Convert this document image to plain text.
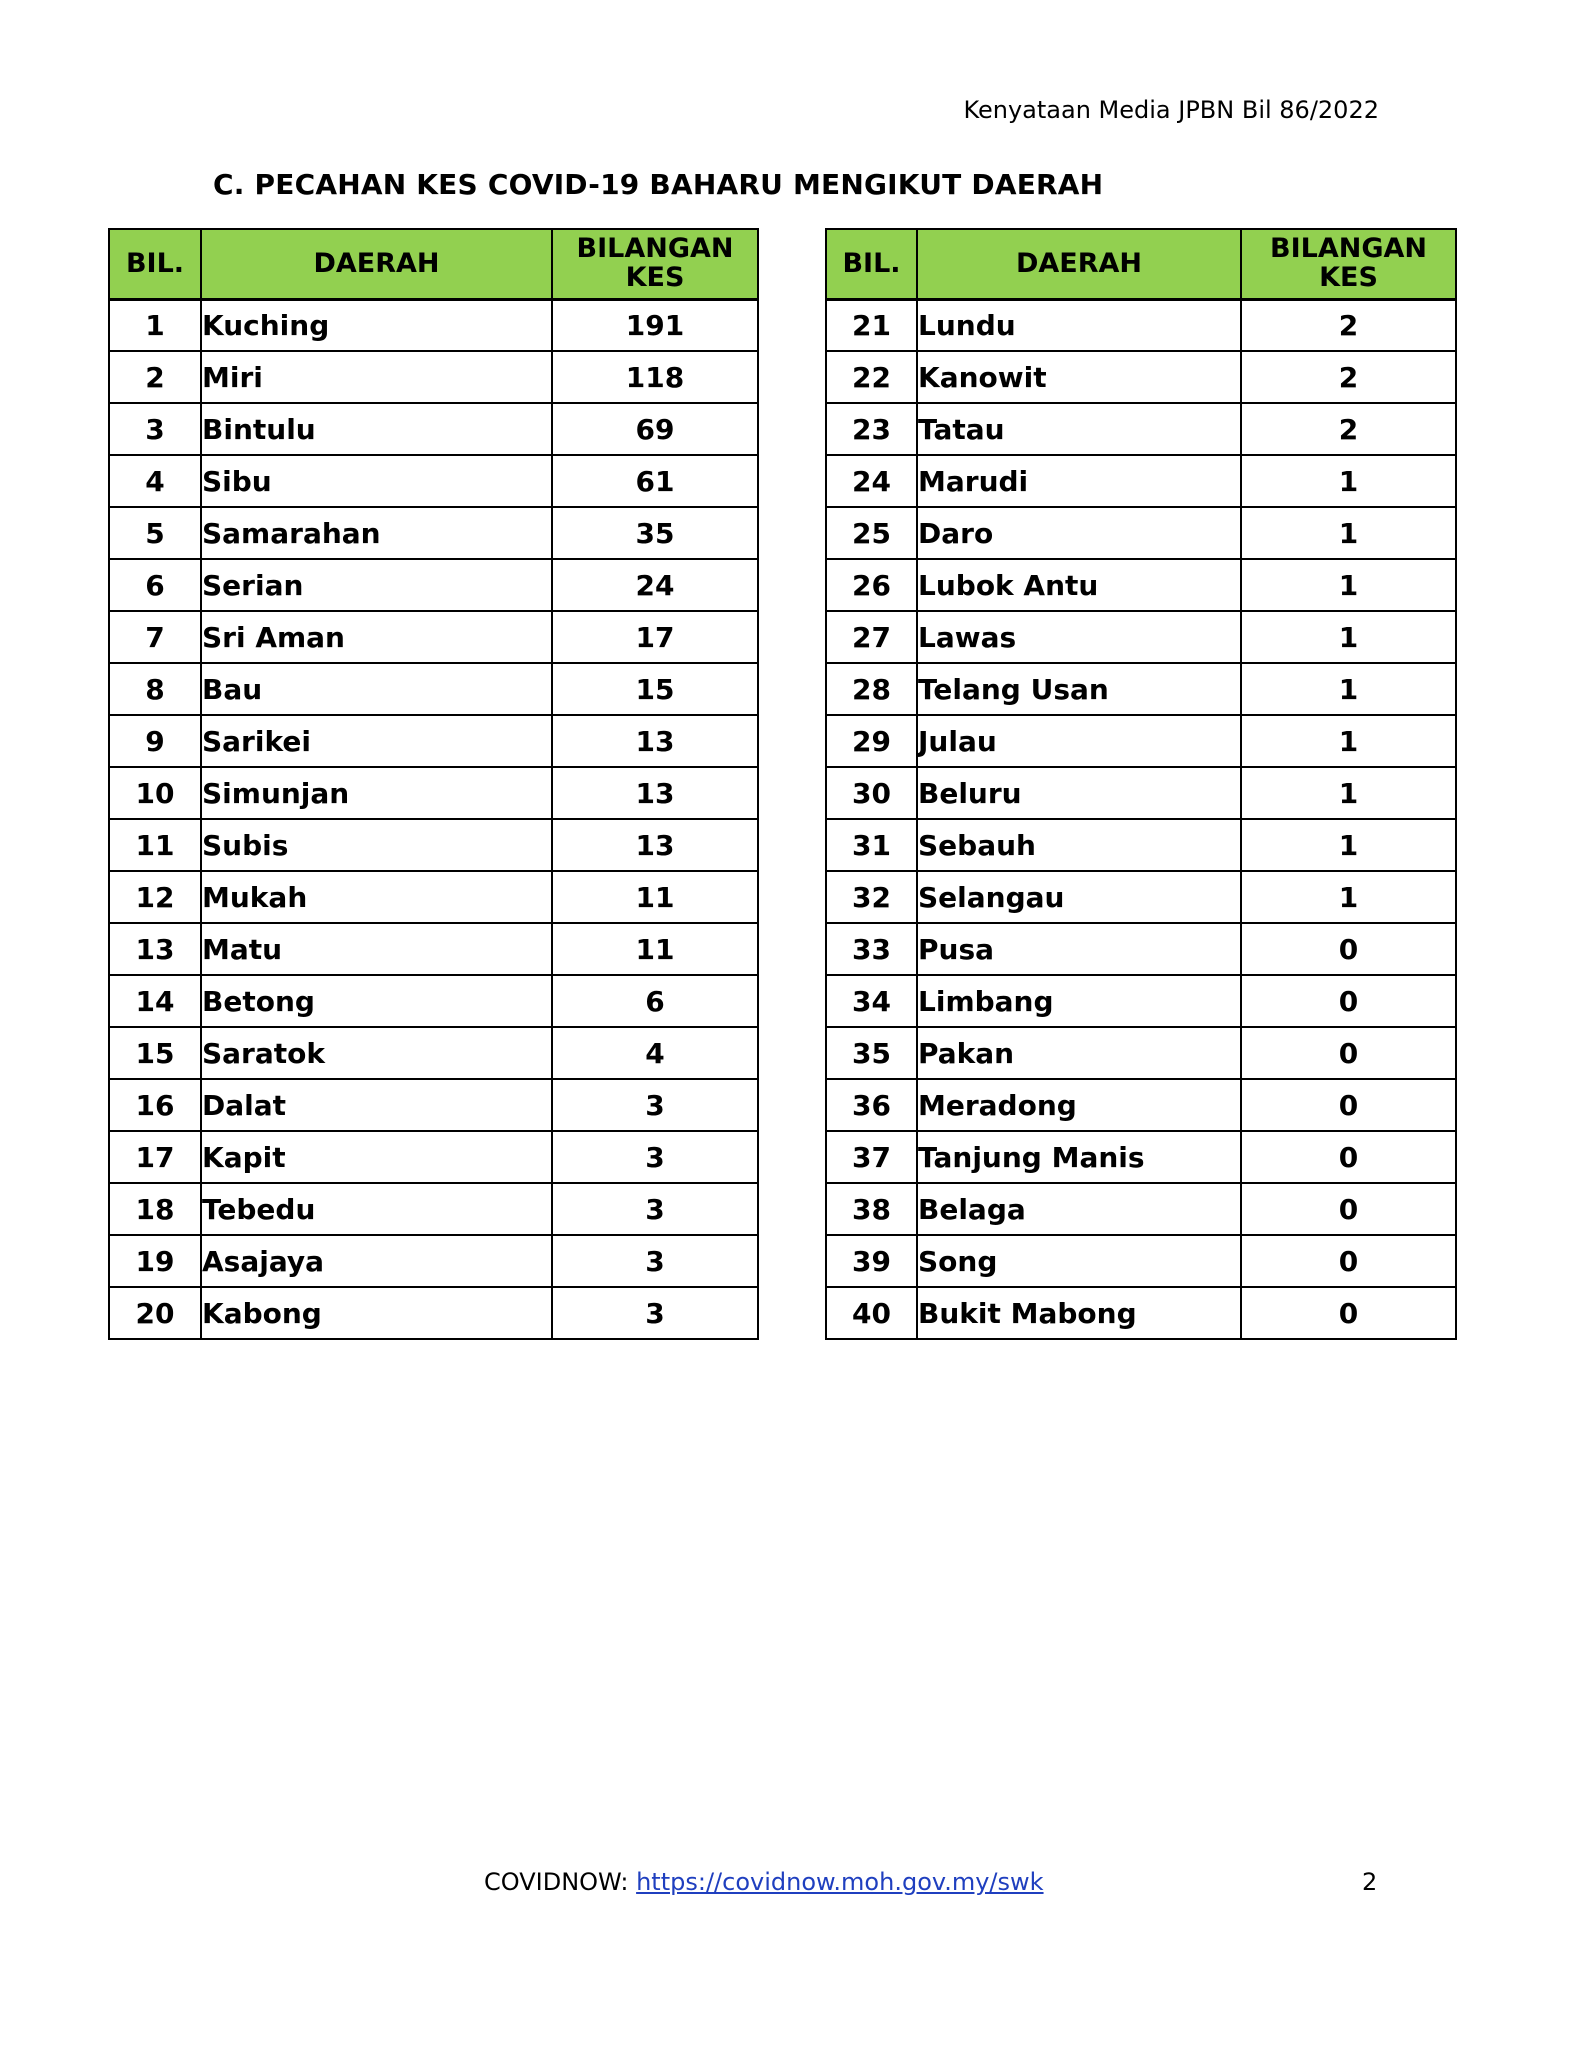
Kenyataan Media JPBN Bil 86/2022
C. PECAHAN KES COVID-19 BAHARU MENGIKUT DAERAH
BIL.	DAERAH	BILANGAN
KES
1	Kuching	191
2	Miri	118
3	Bintulu	69
4	Sibu	61
5	Samarahan	35
6	Serian	24
7	Sri Aman	17
8	Bau	15
9	Sarikei	13
10	Simunjan	13
11	Subis	13
12	Mukah	11
13	Matu	11
14	Betong	6
15	Saratok	4
16	Dalat	3
17	Kapit	3
18	Tebedu	3
19	Asajaya	3
20	Kabong	3
BIL.	DAERAH	BILANGAN
KES
21	Lundu	2
22	Kanowit	2
23	Tatau	2
24	Marudi	1
25	Daro	1
26	Lubok Antu	1
27	Lawas	1
28	Telang Usan	1
29	Julau	1
30	Beluru	1
31	Sebauh	1
32	Selangau	1
33	Pusa	0
34	Limbang	0
35	Pakan	0
36	Meradong	0
37	Tanjung Manis	0
38	Belaga	0
39	Song	0
40	Bukit Mabong	0
COVIDNOW: https://covidnow.moh.gov.my/swk	2
